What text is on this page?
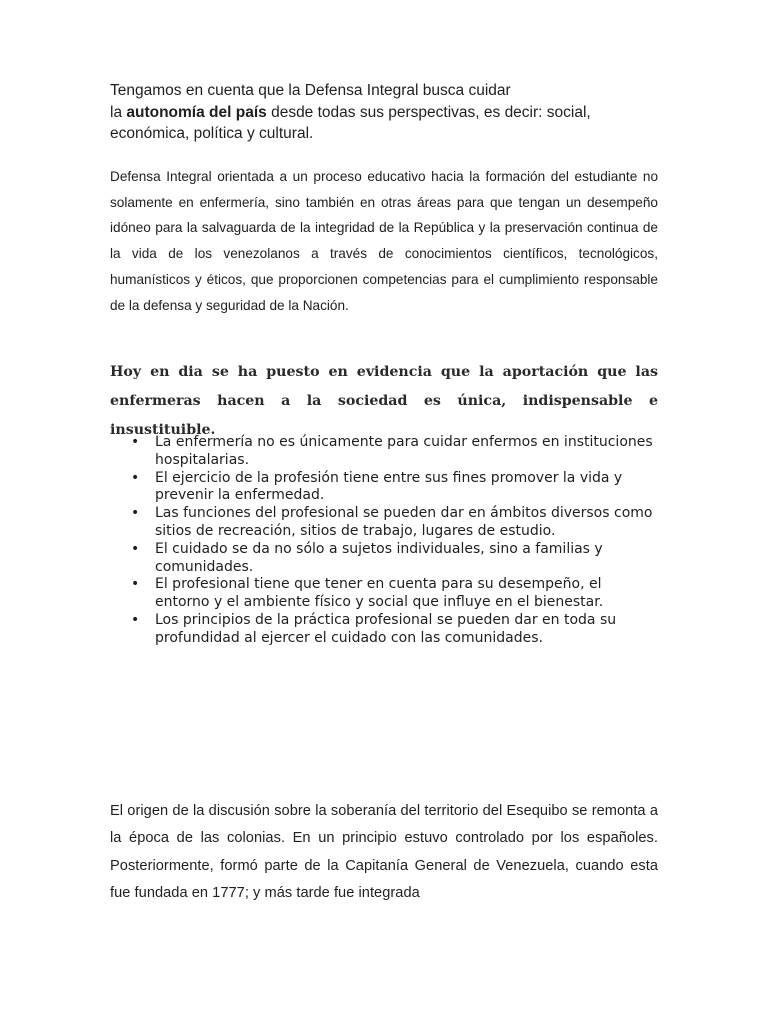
Tengamos en cuenta que la Defensa Integral busca cuidar
la autonomía del país desde todas sus perspectivas, es decir: social,
económica, política y cultural.
Defensa Integral orientada a un proceso educativo hacia la formación del estudiante no solamente en enfermería, sino también en otras áreas para que tengan un desempeño idóneo para la salvaguarda de la integridad de la República y la preservación continua de la vida de los venezolanos a través de conocimientos científicos, tecnológicos, humanísticos y éticos, que proporcionen competencias para el cumplimiento responsable de la defensa y seguridad de la Nación.
Hoy en dia se ha puesto en evidencia que la aportación que las enfermeras hacen a la sociedad es única, indispensable e insustituible.
• La enfermería no es únicamente para cuidar enfermos en instituciones hospitalarias.
• El ejercicio de la profesión tiene entre sus fines promover la vida y prevenir la enfermedad.
• Las funciones del profesional se pueden dar en ámbitos diversos como sitios de recreación, sitios de trabajo, lugares de estudio.
• El cuidado se da no sólo a sujetos individuales, sino a familias y comunidades.
• El profesional tiene que tener en cuenta para su desempeño, el entorno y el ambiente físico y social que influye en el bienestar.
• Los principios de la práctica profesional se pueden dar en toda su profundidad al ejercer el cuidado con las comunidades.
El origen de la discusión sobre la soberanía del territorio del Esequibo se remonta a la época de las colonias. En un principio estuvo controlado por los españoles. Posteriormente, formó parte de la Capitanía General de Venezuela, cuando esta fue fundada en 1777; y más tarde fue integrada
